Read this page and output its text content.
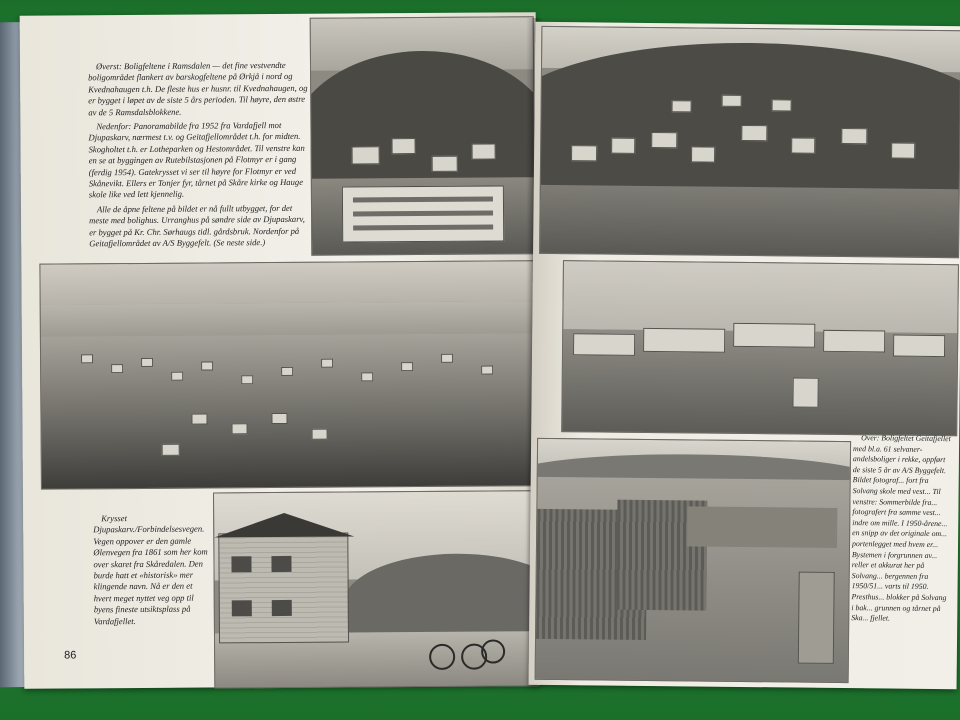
Øverst: Boligfeltene i Ramsdalen — det fine vestvendte boligområdet flankert av barskogfeltene på Ørkjå i nord og Kvednahaugen t.h. De fleste hus er husnr. til Kvednahaugen, og er bygget i løpet av de siste 5 års perioden. Til høyre, den østre av de 5 Ramsdalsblokkene.

Nedenfor: Panoramabilde fra 1952 fra Vardafjell mot Djupaskarv, nærmest t.v. og Geitafjellområdet t.h. for midten. Skogholtet t.h. er Lotheparken og Hestområdet. Til venstre kan en se at byggingen av Rutebilstasjonen på Flotmyr er i gang (ferdig 1954). Gatekrysset vi ser til høyre for Flotmyr er ved Skånevikt. Ellers er Tonjer fyr, tårnet på Skåre kirke og Hauge skole like ved lett kjennelig.

Alle de åpne feltene på bildet er nå fullt utbygget, for det meste med bolighus. Urranghus på søndre side av Djupaskarv, er bygget på Kr. Chr. Sørhaugs tidl. gårdsbruk. Nordenfor på Geitafjellområdet av A/S Byggefelt. (Se neste side.)

Krysset Djupaskarv./Forbindelsesvegen. Vegen oppover er den gamle Ølenvegen fra 1861 som her kom over skaret fra Skåredalen. Den burde hatt et «historisk» mer klingende navn. Nå er den et hvert meget nyttet veg opp til byens fineste utsiktsplass på Vardafjellet.

86

Over: Boligfeltet Geitafjellet med bl.a. 61 selvaner-andelsboliger i rekke, oppført de siste 5 år av A/S Byggefelt. Bildet fotograf... fort fra Solvang skole med vest... Til venstre: Sommerbilde fra... fotografert fra samme vest... indre om mille. I 1950-årene... en snipp av det originale om... portenlegget med hvem er... Bystemen i forgrunnen av... reller et akkurat her på Solvang... bergennen fra 1950/51... varts til 1950. Presthus... blokker på Solvang i bak... grunnen og tårnet på Ska... fjellet.
